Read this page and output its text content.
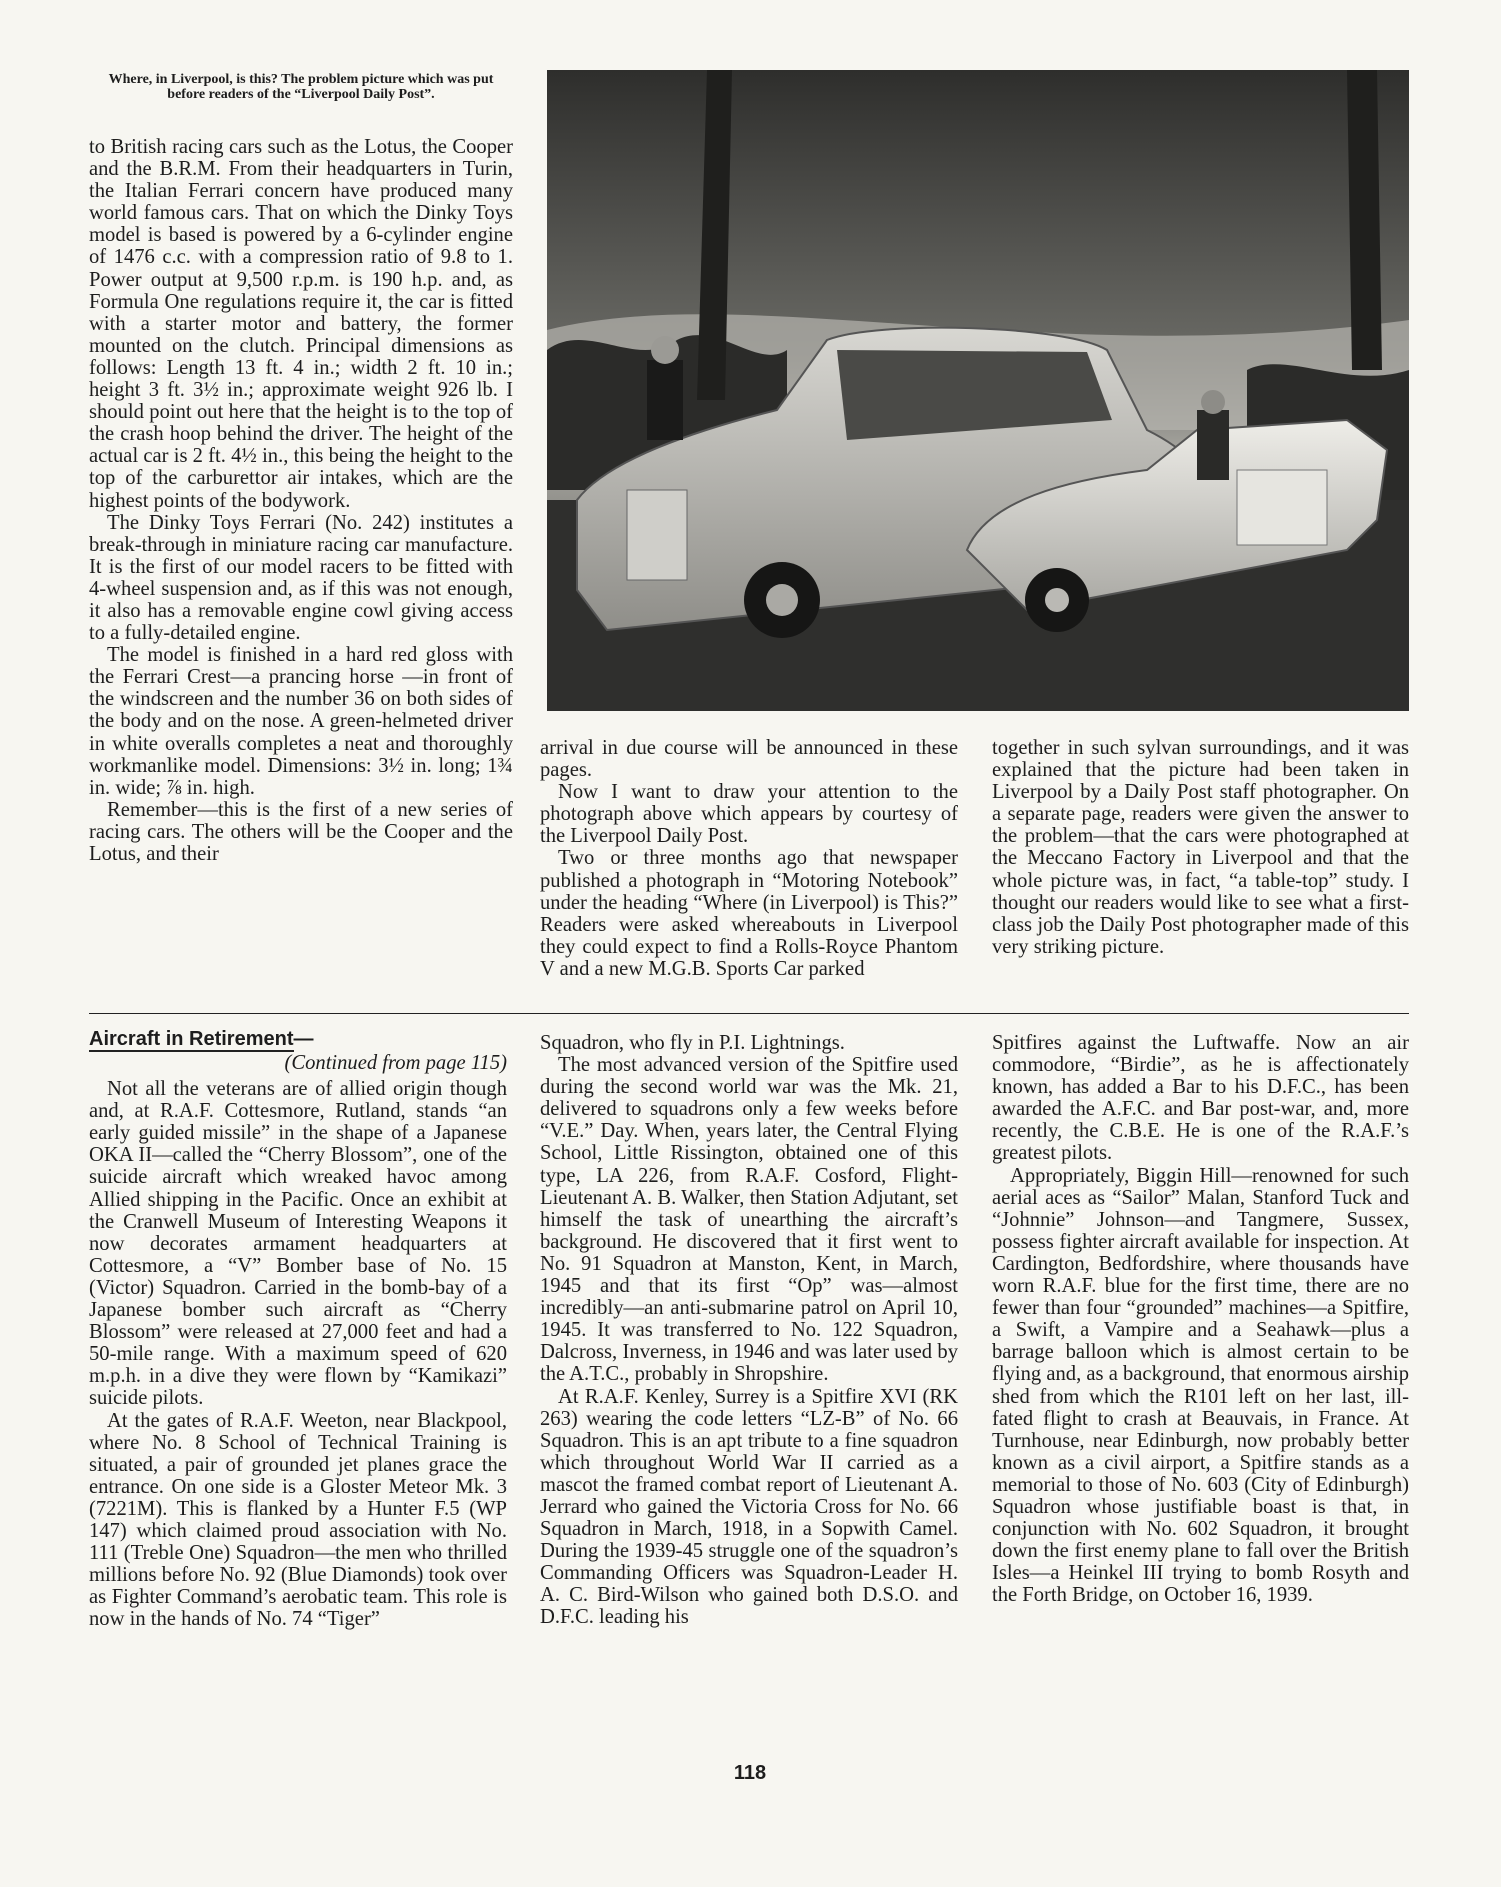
Where, in Liverpool, is this? The problem picture which was put before readers of the “Liverpool Daily Post”.

to British racing cars such as the Lotus, the Cooper and the B.R.M. From their headquarters in Turin, the Italian Ferrari concern have produced many world famous cars. That on which the Dinky Toys model is based is powered by a 6-cylinder engine of 1476 c.c. with a compression ratio of 9.8 to 1. Power output at 9,500 r.p.m. is 190 h.p. and, as Formula One regulations require it, the car is fitted with a starter motor and battery, the former mounted on the clutch. Principal dimensions as follows: Length 13 ft. 4 in.; width 2 ft. 10 in.; height 3 ft. 3½ in.; approximate weight 926 lb. I should point out here that the height is to the top of the crash hoop behind the driver. The height of the actual car is 2 ft. 4½ in., this being the height to the top of the carburettor air intakes, which are the highest points of the bodywork.

The Dinky Toys Ferrari (No. 242) institutes a break-through in miniature racing car manufacture. It is the first of our model racers to be fitted with 4-wheel suspension and, as if this was not enough, it also has a removable engine cowl giving access to a fully-detailed engine.

The model is finished in a hard red gloss with the Ferrari Crest—a prancing horse —in front of the windscreen and the number 36 on both sides of the body and on the nose. A green-helmeted driver in white overalls completes a neat and thoroughly workmanlike model. Dimensions: 3½ in. long; 1¾ in. wide; ⅞ in. high.

Remember—this is the first of a new series of racing cars. The others will be the Cooper and the Lotus, and their

arrival in due course will be announced in these pages.

Now I want to draw your attention to the photograph above which appears by courtesy of the Liverpool Daily Post.

Two or three months ago that newspaper published a photograph in “Motoring Notebook” under the heading “Where (in Liverpool) is This?” Readers were asked whereabouts in Liverpool they could expect to find a Rolls-Royce Phantom V and a new M.G.B. Sports Car parked

together in such sylvan surroundings, and it was explained that the picture had been taken in Liverpool by a Daily Post staff photographer. On a separate page, readers were given the answer to the problem—that the cars were photographed at the Meccano Factory in Liverpool and that the whole picture was, in fact, “a table-top” study. I thought our readers would like to see what a first-class job the Daily Post photographer made of this very striking picture.

Aircraft in Retirement—

(Continued from page 115)

Not all the veterans are of allied origin though and, at R.A.F. Cottesmore, Rutland, stands “an early guided missile” in the shape of a Japanese OKA II—called the “Cherry Blossom”, one of the suicide aircraft which wreaked havoc among Allied shipping in the Pacific. Once an exhibit at the Cranwell Museum of Interesting Weapons it now decorates armament headquarters at Cottesmore, a “V” Bomber base of No. 15 (Victor) Squadron. Carried in the bomb-bay of a Japanese bomber such aircraft as “Cherry Blossom” were released at 27,000 feet and had a 50-mile range. With a maximum speed of 620 m.p.h. in a dive they were flown by “Kamikazi” suicide pilots.

At the gates of R.A.F. Weeton, near Blackpool, where No. 8 School of Technical Training is situated, a pair of grounded jet planes grace the entrance. On one side is a Gloster Meteor Mk. 3 (7221M). This is flanked by a Hunter F.5 (WP 147) which claimed proud association with No. 111 (Treble One) Squadron—the men who thrilled millions before No. 92 (Blue Diamonds) took over as Fighter Command’s aerobatic team. This role is now in the hands of No. 74 “Tiger”

Squadron, who fly in P.I. Lightnings.

The most advanced version of the Spitfire used during the second world war was the Mk. 21, delivered to squadrons only a few weeks before “V.E.” Day. When, years later, the Central Flying School, Little Rissington, obtained one of this type, LA 226, from R.A.F. Cosford, Flight-Lieutenant A. B. Walker, then Station Adjutant, set himself the task of unearthing the aircraft’s background. He discovered that it first went to No. 91 Squadron at Manston, Kent, in March, 1945 and that its first “Op” was—almost incredibly—an anti-submarine patrol on April 10, 1945. It was transferred to No. 122 Squadron, Dalcross, Inverness, in 1946 and was later used by the A.T.C., probably in Shropshire.

At R.A.F. Kenley, Surrey is a Spitfire XVI (RK 263) wearing the code letters “LZ-B” of No. 66 Squadron. This is an apt tribute to a fine squadron which throughout World War II carried as a mascot the framed combat report of Lieutenant A. Jerrard who gained the Victoria Cross for No. 66 Squadron in March, 1918, in a Sopwith Camel. During the 1939-45 struggle one of the squadron’s Commanding Officers was Squadron-Leader H. A. C. Bird-Wilson who gained both D.S.O. and D.F.C. leading his

Spitfires against the Luftwaffe. Now an air commodore, “Birdie”, as he is affectionately known, has added a Bar to his D.F.C., has been awarded the A.F.C. and Bar post-war, and, more recently, the C.B.E. He is one of the R.A.F.’s greatest pilots.

Appropriately, Biggin Hill—renowned for such aerial aces as “Sailor” Malan, Stanford Tuck and “Johnnie” Johnson—and Tangmere, Sussex, possess fighter aircraft available for inspection. At Cardington, Bedfordshire, where thousands have worn R.A.F. blue for the first time, there are no fewer than four “grounded” machines—a Spitfire, a Swift, a Vampire and a Seahawk—plus a barrage balloon which is almost certain to be flying and, as a background, that enormous airship shed from which the R101 left on her last, ill-fated flight to crash at Beauvais, in France. At Turnhouse, near Edinburgh, now probably better known as a civil airport, a Spitfire stands as a memorial to those of No. 603 (City of Edinburgh) Squadron whose justifiable boast is that, in conjunction with No. 602 Squadron, it brought down the first enemy plane to fall over the British Isles—a Heinkel III trying to bomb Rosyth and the Forth Bridge, on October 16, 1939.

118
